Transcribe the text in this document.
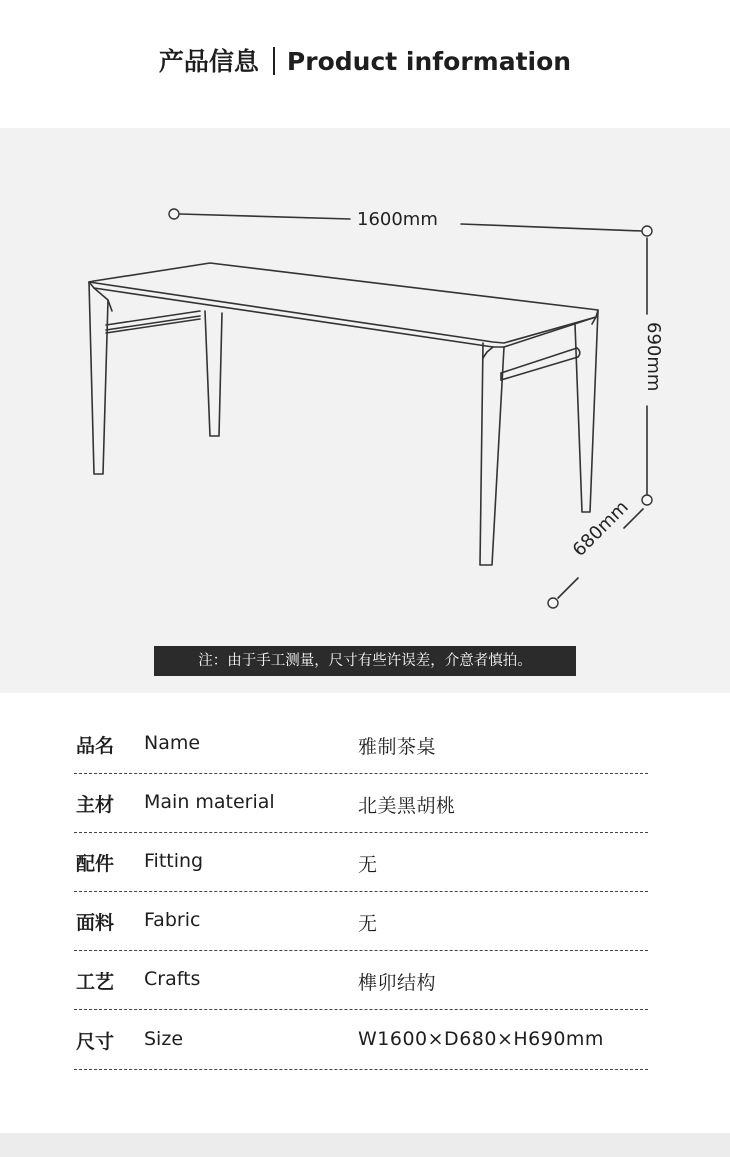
产品信息 Product information
1600mm
690mm
680mm
注：由于手工测量，尺寸有些许误差，介意者慎拍。
品名 Name	雅制茶桌
主材 Main material	北美黑胡桃
配件 Fitting	无
面料 Fabric	无
工艺 Crafts	榫卯结构
尺寸 Size	W1600×D680×H690mm
